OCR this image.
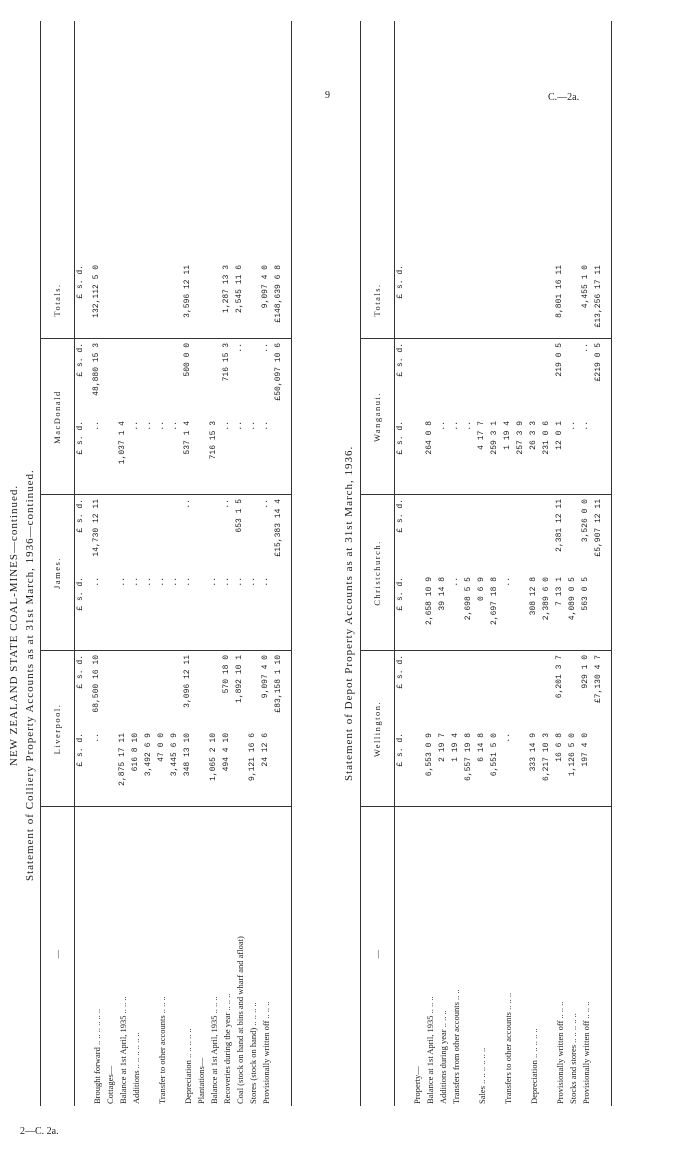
2—C. 2a.
9	C.—2a.
NEW ZEALAND STATE COAL-MINES—continued. Statement of Colliery Property Accounts as at 31st March, 1936—continued.
—
Liverpool.
James.
MacDonald
Totals.
£ s. d.
£ s. d.
£ s. d.
£ s. d.
£ s. d.
£ s. d.
£ s. d.
Brought forward .. .. .. .. .. ..
..
68,500 16 10
..
14,730 12 11
..
48,880 15 3
132,112 5 0
Cottages— Balance at 1st April, 1935 .. .. ..
2,875 17 11
..
1,037 1 4
Additions .. .. .. .. .. ..
616 8 10
..
..
3,492 6 9
..
..
Transfer to other accounts .. .. ..
47 0 0
..
..
3,445 6 9
..
..
Depreciation .. .. .. .. ..
348 13 10
3,096 12 11
..
..
537 1 4
500 0 0
3,596 12 11
Plantations— Balance at 1st April, 1935 .. .. ..
1,065 2 10
..
716 15 3
Recoveries during the year .. .. ..
494 4 10
570 18 0
..
..
..
716 15 3
1,287 13 3
Coal (stock on hand at bins and wharf and afloat)
1,892 10 1
..
653 1 5
..
..
2,545 11 6
Stores (stock on hand) .. .. .. ..
9,121 16 6
..
..
Provisionally written off .. .. ..
24 12 6
9,097 4 0
..
..
..
..
9,097 4 0
£83,158 1 10
£15,383 14 4
£50,097 10 6
£148,639 6 8
Statement of Depot Property Accounts as at 31st March, 1936.
—
Wellington.
Christchurch.
Wanganui.
Totals.
£ s. d.
£ s. d.
£ s. d.
£ s. d.
£ s. d.
£ s. d.
£ s. d.
Property— Balance at 1st April, 1935 .. .. ..
6,553 0 9
2,658 10 9
264 0 8
Additions during year .. .. ..
2 19 7
39 14 8
..
Transfers from other accounts .. ..
1 19 4
..
..
6,557 19 8
2,698 5 5
..
Sales .. .. .. .. .. ..
6 14 8
0 6 9
4 17 7
6,551 5 0
2,697 18 8
259 3 1
Transfers to other accounts .. .. ..
..
..
1 19 4 257 3 9
Depreciation .. .. .. .. ..
333 14 9
308 12 8
26 3 3
6,217 10 3
2,389 6 0
231 0 6
Provisionally written off .. .. ..
16 6 8
6,201 3 7
7 13 1
2,381 12 11
12 0 1
219 0 5
8,801 16 11
Stocks and stores .. .. .. .. ..
1,126 5 0
4,089 0 5
..
Provisionally written off .. .. ..
197 4 0
929 1 0
563 0 5
3,526 0 0
..
..
4,455 1 0
£7,130 4 7
£5,907 12 11
£219 0 5
£13,256 17 11
